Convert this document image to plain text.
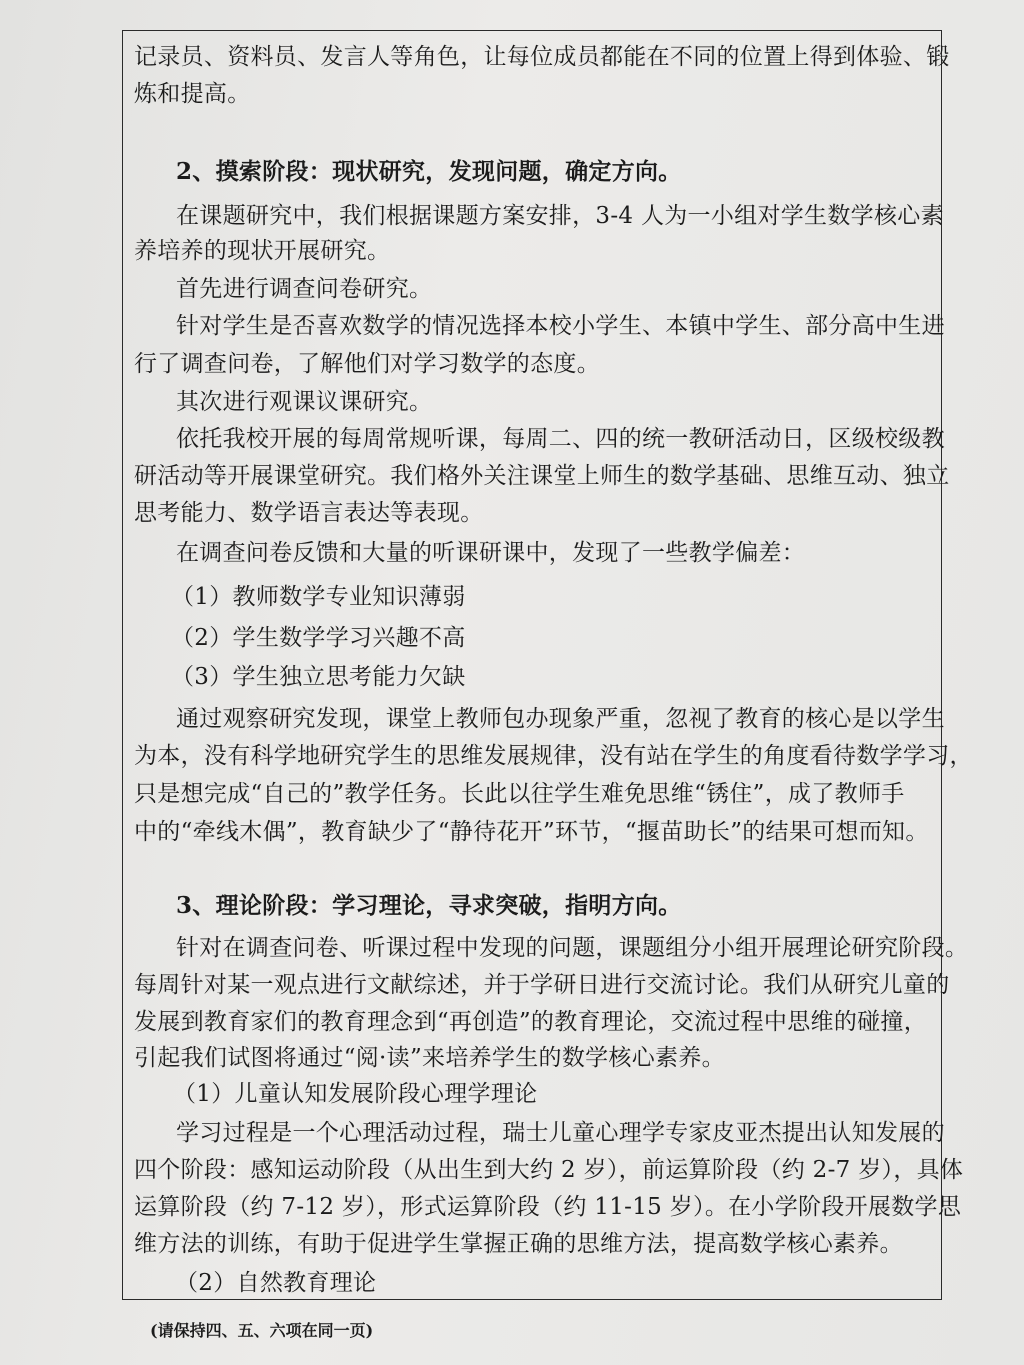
记录员、资料员、发言人等角色，让每位成员都能在不同的位置上得到体验、锻
炼和提高。
2、摸索阶段：现状研究，发现问题，确定方向。
在课题研究中，我们根据课题方案安排，3-4 人为一小组对学生数学核心素
养培养的现状开展研究。
首先进行调查问卷研究。
针对学生是否喜欢数学的情况选择本校小学生、本镇中学生、部分高中生进
行了调查问卷，了解他们对学习数学的态度。
其次进行观课议课研究。
依托我校开展的每周常规听课，每周二、四的统一教研活动日，区级校级教
研活动等开展课堂研究。我们格外关注课堂上师生的数学基础、思维互动、独立
思考能力、数学语言表达等表现。
在调查问卷反馈和大量的听课研课中，发现了一些教学偏差：
（1）教师数学专业知识薄弱
（2）学生数学学习兴趣不高
（3）学生独立思考能力欠缺
通过观察研究发现，课堂上教师包办现象严重，忽视了教育的核心是以学生
为本，没有科学地研究学生的思维发展规律，没有站在学生的角度看待数学学习，
只是想完成“自己的”教学任务。长此以往学生难免思维“锈住”，成了教师手
中的“牵线木偶”，教育缺少了“静待花开”环节，“揠苗助长”的结果可想而知。
3、理论阶段：学习理论，寻求突破，指明方向。
针对在调查问卷、听课过程中发现的问题，课题组分小组开展理论研究阶段。
每周针对某一观点进行文献综述，并于学研日进行交流讨论。我们从研究儿童的
发展到教育家们的教育理念到“再创造”的教育理论，交流过程中思维的碰撞，
引起我们试图将通过“阅·读”来培养学生的数学核心素养。
（1）儿童认知发展阶段心理学理论
学习过程是一个心理活动过程，瑞士儿童心理学专家皮亚杰提出认知发展的
四个阶段：感知运动阶段（从出生到大约 2 岁），前运算阶段（约 2-7 岁），具体
运算阶段（约 7-12 岁），形式运算阶段（约 11-15 岁）。在小学阶段开展数学思
维方法的训练，有助于促进学生掌握正确的思维方法，提高数学核心素养。
（2）自然教育理论
(请保持四、五、六项在同一页)
